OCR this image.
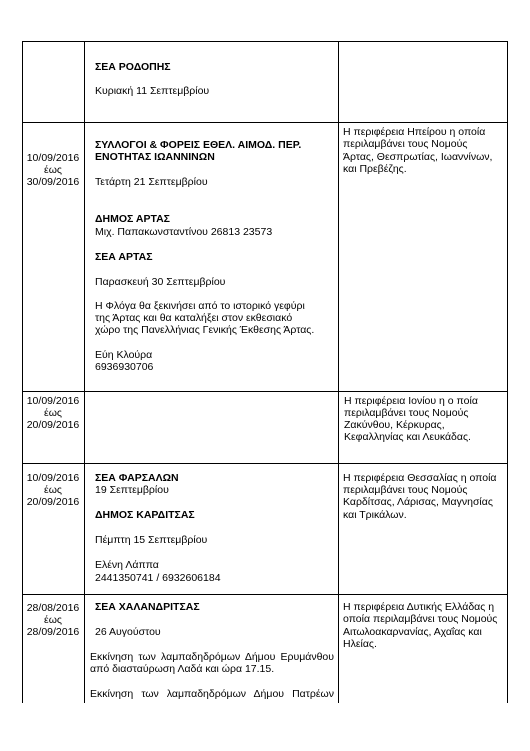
ΣΕΑ ΡΟΔΟΠΗΣ
Κυριακή 11 Σεπτεμβρίου
10/09/2016
έως
30/09/2016
ΣΥΛΛΟΓΟΙ & ΦΟΡΕΙΣ ΕΘΕΛ. ΑΙΜΟΔ. ΠΕΡ.
ΕΝΟΤΗΤΑΣ ΙΩΑΝΝΙΝΩΝ
Τετάρτη 21 Σεπτεμβρίου
ΔΗΜΟΣ ΑΡΤΑΣ
Μιχ. Παπακωνσταντίνου 26813 23573
ΣΕΑ ΑΡΤΑΣ
Παρασκευή 30 Σεπτεμβρίου
Η Φλόγα θα ξεκινήσει από το ιστορικό γεφύρι
της Άρτας και θα καταλήξει στον εκθεσιακό
χώρο της Πανελλήνιας Γενικής Έκθεσης Άρτας.
Εύη Κλούρα
6936930706
Η περιφέρεια Ηπείρου η οποία
περιλαμβάνει τους Νομούς
Άρτας, Θεσπρωτίας, Ιωαννίνων,
και Πρεβέζης.
10/09/2016
έως
20/09/2016
Η περιφέρεια Ιονίου η ο ποία
περιλαμβάνει τους Νομούς
Ζακύνθου, Κέρκυρας,
Κεφαλληνίας και Λευκάδας.
10/09/2016
έως
20/09/2016
ΣΕΑ ΦΑΡΣΑΛΩΝ
19 Σεπτεμβρίου
ΔΗΜΟΣ ΚΑΡΔΙΤΣΑΣ
Πέμπτη 15 Σεπτεμβρίου
Ελένη Λάππα
2441350741 / 6932606184
Η περιφέρεια Θεσσαλίας η οποία
περιλαμβάνει τους Νομούς
Καρδίτσας, Λάρισας, Μαγνησίας
και Τρικάλων.
28/08/2016
έως
28/09/2016
ΣΕΑ ΧΑΛΑΝΔΡΙΤΣΑΣ
26 Αυγούστου
Εκκίνηση των λαμπαδηδρόμων Δήμου Ερυμάνθου από διασταύρωση Λαδά και ώρα 17.15.
Εκκίνηση των λαμπαδηδρόμων Δήμου Πατρέων
Η περιφέρεια Δυτικής Ελλάδας η
οποία περιλαμβάνει τους Νομούς
Αιτωλοακαρνανίας, Αχαΐας και
Ηλείας.
